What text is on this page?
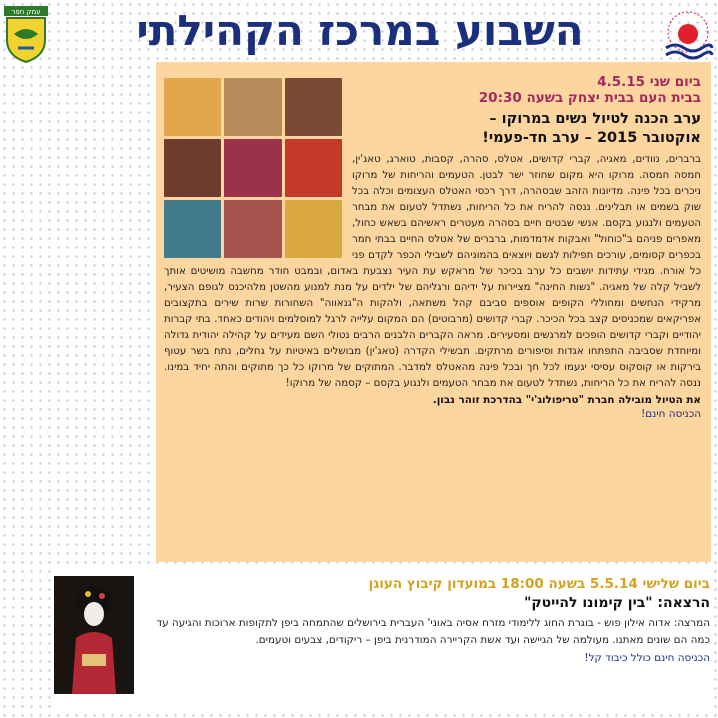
השבוע במרכז הקהילתי
עמק חפר
ביום שני 4.5.15
בבית העם בבית יצחק בשעה 20:30
ערב הכנה לטיול נשים במרוקו –
אוקטובר 2015 – ערב חד-פעמי!

ברברים, נוודים, מאגיה, קברי קדושים, אטלס, סהרה, קסבות, טוארג, טאג'ין, חמסה חמסה. מרוקו היא מקום שחוזר ישר לבטן. הטעמים והריחות של מרוקו ניכרים בכל פינה. מדיונות הזהב שבסהרה, דרך רכסי האטלס העצומים וכלה בכל שוק בשמים או תבלינים. ננסה להריח את כל הריחות, נשתדל לטעום את מבחר הטעמים ולנגוע בקסם. אנשי שבטים חיים בסהרה מעטרים ראשיהם בשאש כחול, מאפרים פניהם ב"כוחול" ואבקות אדמדמות, ברברים של אטלס החיים בבתי חמר בכפרים קסומים, עורכים תפילות לגשם ויוצאים בהמוניהם לשבילי הכפר לקדם פני כל אורח. מגידי עתידות יושבים כל ערב בכיכר של מראקש עת העיר נצבעת באדום, ובמבט חודר מחשבה מושיטים אותך לשביל קלה של מאגיה. "נשות החינה" מציירות על ידיהם ורגליהם של ילדים על מנת למנוע מהשטן מלהיכנס לגופם הצעיר, מרקידי הנחשים ומחוללי הקופים אוספים סביבם קהל משתאה, ולהקות ה"גנאווה" השחורות שרות שירים בתקצובים אפריקאים שמכניסים קצב בכל הכיכר. קברי קדושים (מרבוטים) הם המקום עלייה לרגל למוסלמים ויהודים כאחד. בתי קברות יהודיים וקברי קדושים הופכים למרגשים ומסעירים. מראה הקברים הלבנים הרבים נטולי השם מעידים על קהילה יהודית גדולה ומיוחדת שסביבה התפתחו אגדות וסיפורים מרתקים. תבשילי הקדרה (טאג'ין) מבושלים באיטיות על גחלים, נתח בשר עטוף בירקות או קוסקוס עסיסי יגעמו לכל חך ובכל פינה מהאטלס למדבר. המתוקים של מרוקו כל כך מתוקים והתה יחיד במינו. ננסה להריח את כל הריחות, נשתדל לטעום את מבחר הטעמים ולנגוע בקסם – קסמה של מרוקו!

את הטיול מובילה חברת "טריפולוג'י" בהדרכת זוהר נבון.
הכניסה חינם!
ביום שלישי 5.5.14 בשעה 18:00 במועדון קיבוץ העוגן
הרצאה: "בין קימונו להייטק"

המרצה: אדוה אילון פוש - בוגרת החוג ללימודי מזרח אסיה באוני' העברית בירושלים שהתמחה ביפן לתקופות ארוכות והגיעה עד כמה הם שונים מאתנו. מעולמה של הגיישה ועד אשת הקריירה המודרנית ביפן – ריקודים, צבעים וטעמים.

הכניסה חינם כולל כיבוד קל!
